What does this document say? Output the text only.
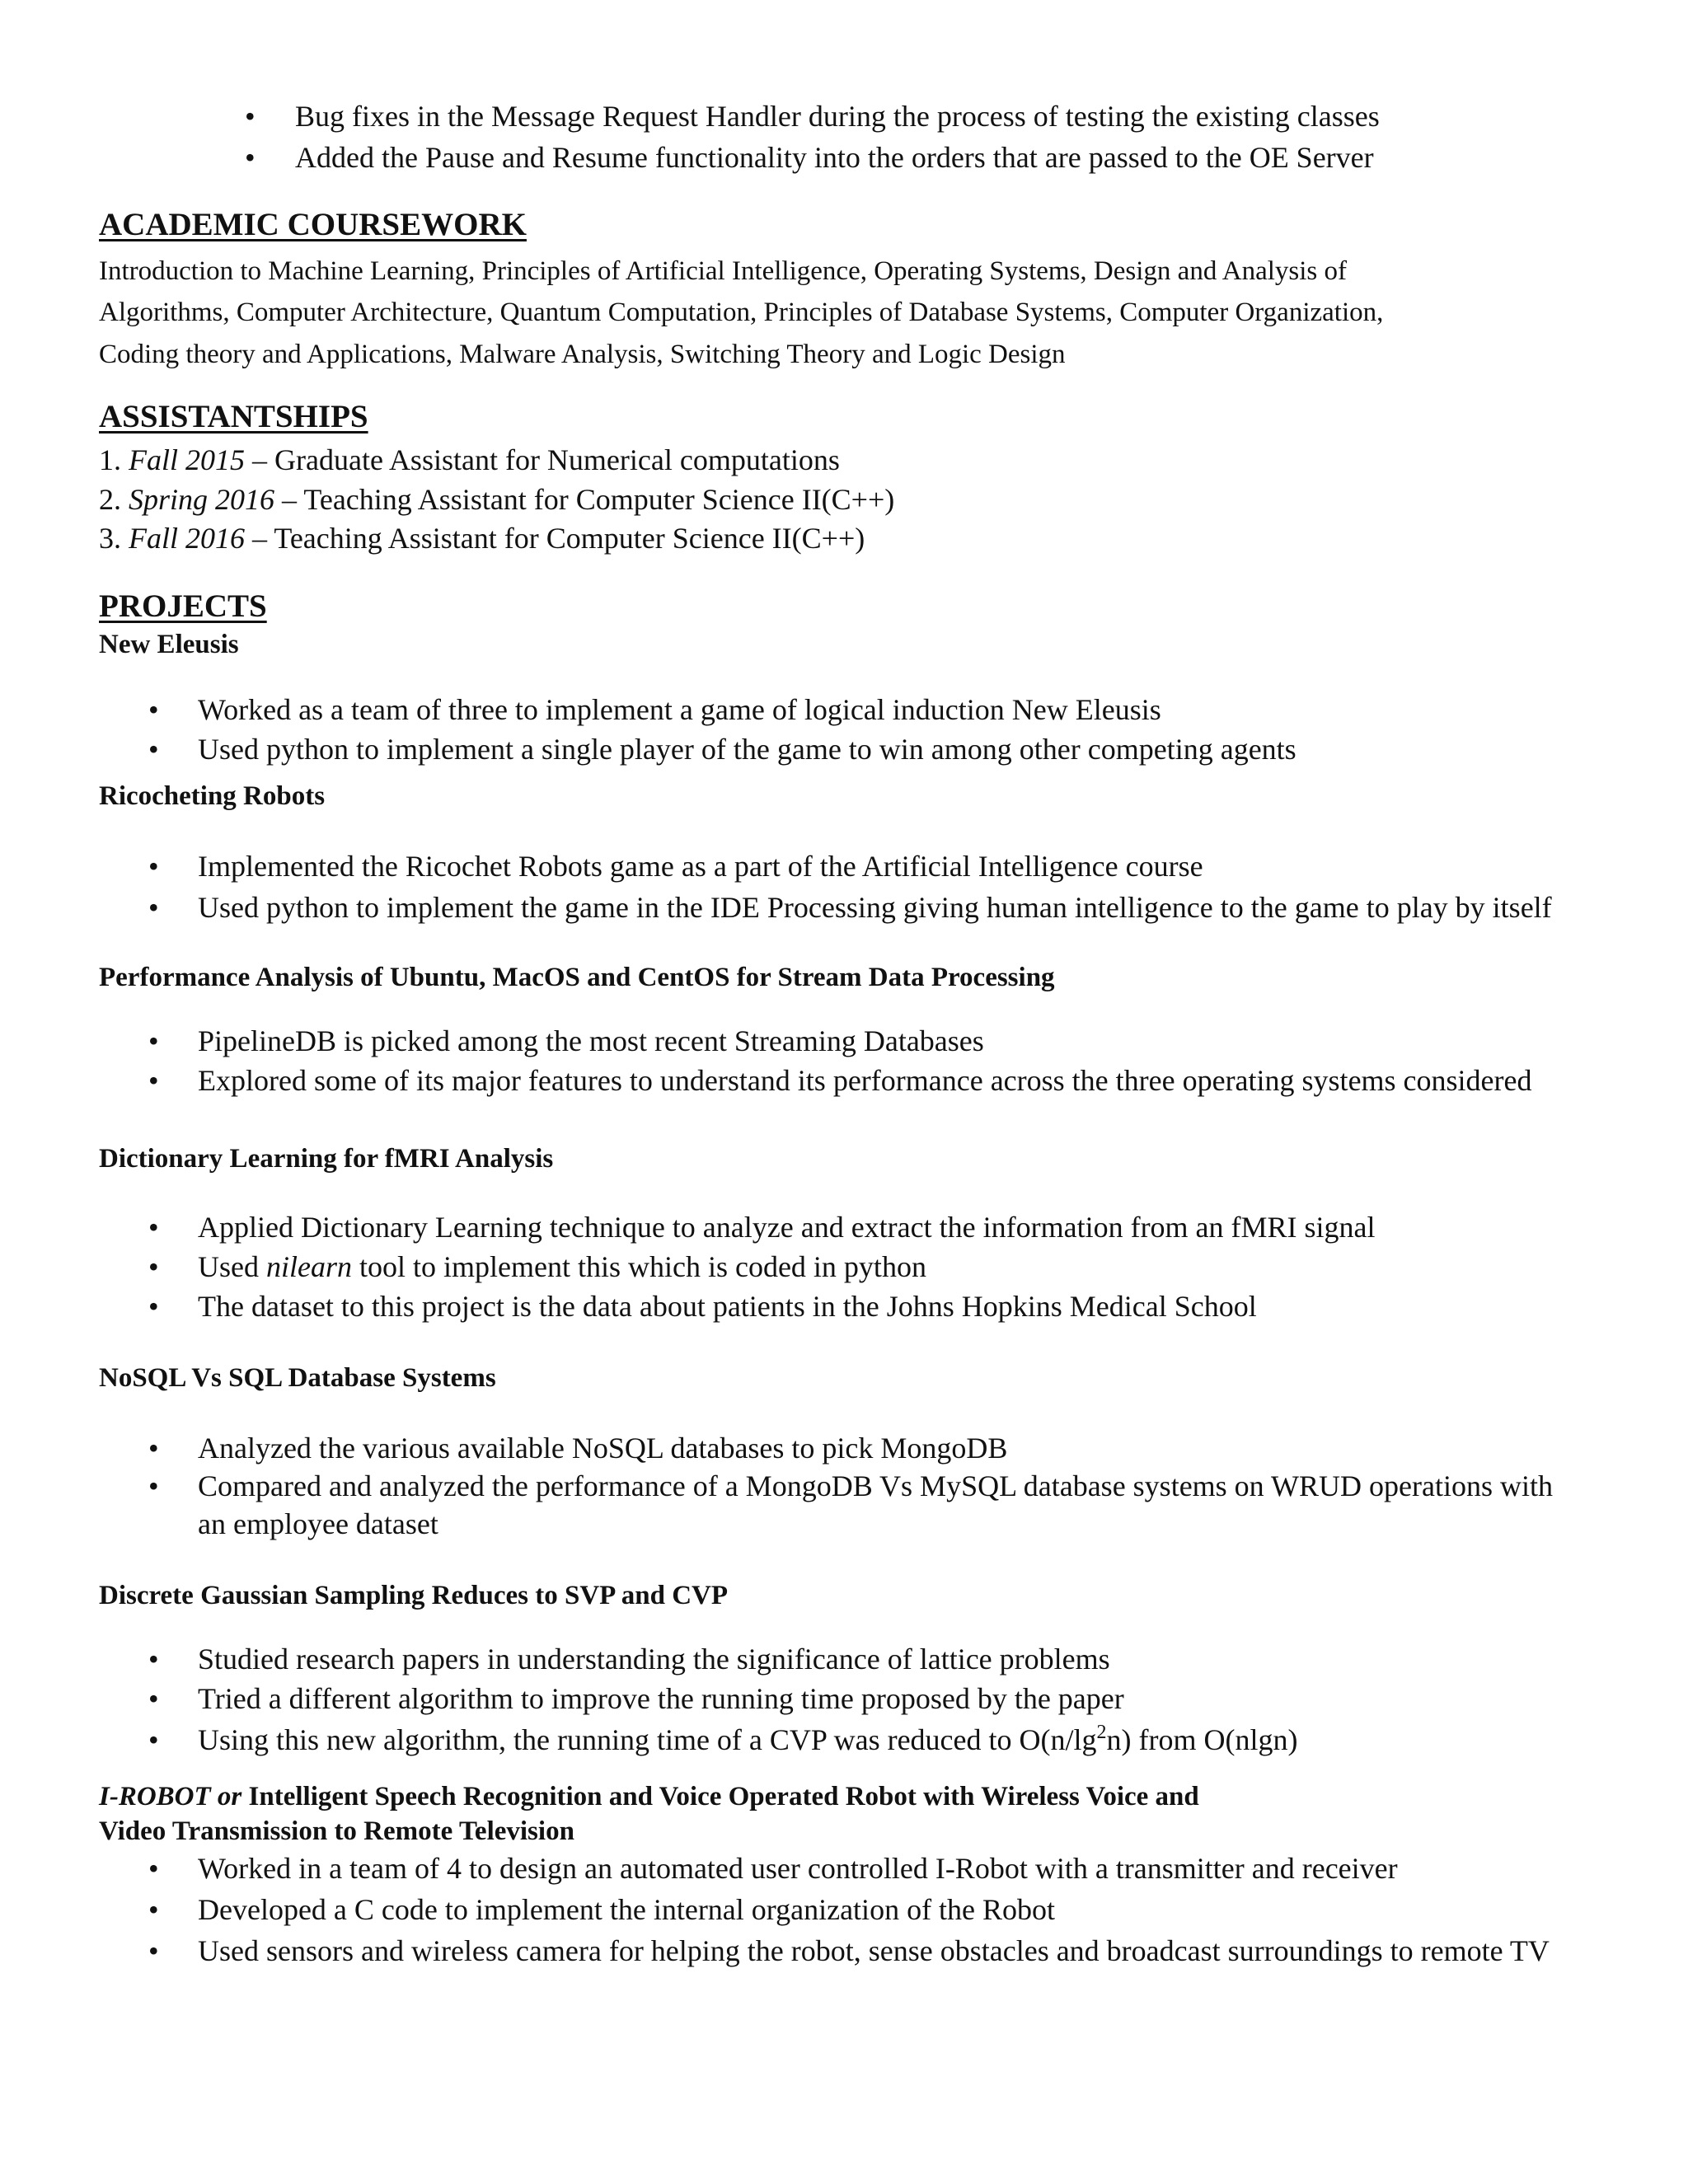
• Bug fixes in the Message Request Handler during the process of testing the existing classes
• Added the Pause and Resume functionality into the orders that are passed to the OE Server
ACADEMIC COURSEWORK
Introduction to Machine Learning, Principles of Artificial Intelligence, Operating Systems, Design and Analysis of
Algorithms, Computer Architecture, Quantum Computation, Principles of Database Systems, Computer Organization,
Coding theory and Applications, Malware Analysis, Switching Theory and Logic Design
ASSISTANTSHIPS
1. Fall 2015 – Graduate Assistant for Numerical computations
2. Spring 2016 – Teaching Assistant for Computer Science II(C++)
3. Fall 2016 – Teaching Assistant for Computer Science II(C++)
PROJECTS
New Eleusis
• Worked as a team of three to implement a game of logical induction New Eleusis
• Used python to implement a single player of the game to win among other competing agents
Ricocheting Robots
• Implemented the Ricochet Robots game as a part of the Artificial Intelligence course
• Used python to implement the game in the IDE Processing giving human intelligence to the game to play by itself
Performance Analysis of Ubuntu, MacOS and CentOS for Stream Data Processing
• PipelineDB is picked among the most recent Streaming Databases
• Explored some of its major features to understand its performance across the three operating systems considered
Dictionary Learning for fMRI Analysis
• Applied Dictionary Learning technique to analyze and extract the information from an fMRI signal
• Used nilearn tool to implement this which is coded in python
• The dataset to this project is the data about patients in the Johns Hopkins Medical School
NoSQL Vs SQL Database Systems
• Analyzed the various available NoSQL databases to pick MongoDB
• Compared and analyzed the performance of a MongoDB Vs MySQL database systems on WRUD operations with
an employee dataset
Discrete Gaussian Sampling Reduces to SVP and CVP
• Studied research papers in understanding the significance of lattice problems
• Tried a different algorithm to improve the running time proposed by the paper
• Using this new algorithm, the running time of a CVP was reduced to $O(n/\lg^2n)$ from O(nlgn)
I-ROBOT or Intelligent Speech Recognition and Voice Operated Robot with Wireless Voice and
Video Transmission to Remote Television
• Worked in a team of 4 to design an automated user controlled I-Robot with a transmitter and receiver
• Developed a C code to implement the internal organization of the Robot
• Used sensors and wireless camera for helping the robot, sense obstacles and broadcast surroundings to remote TV
